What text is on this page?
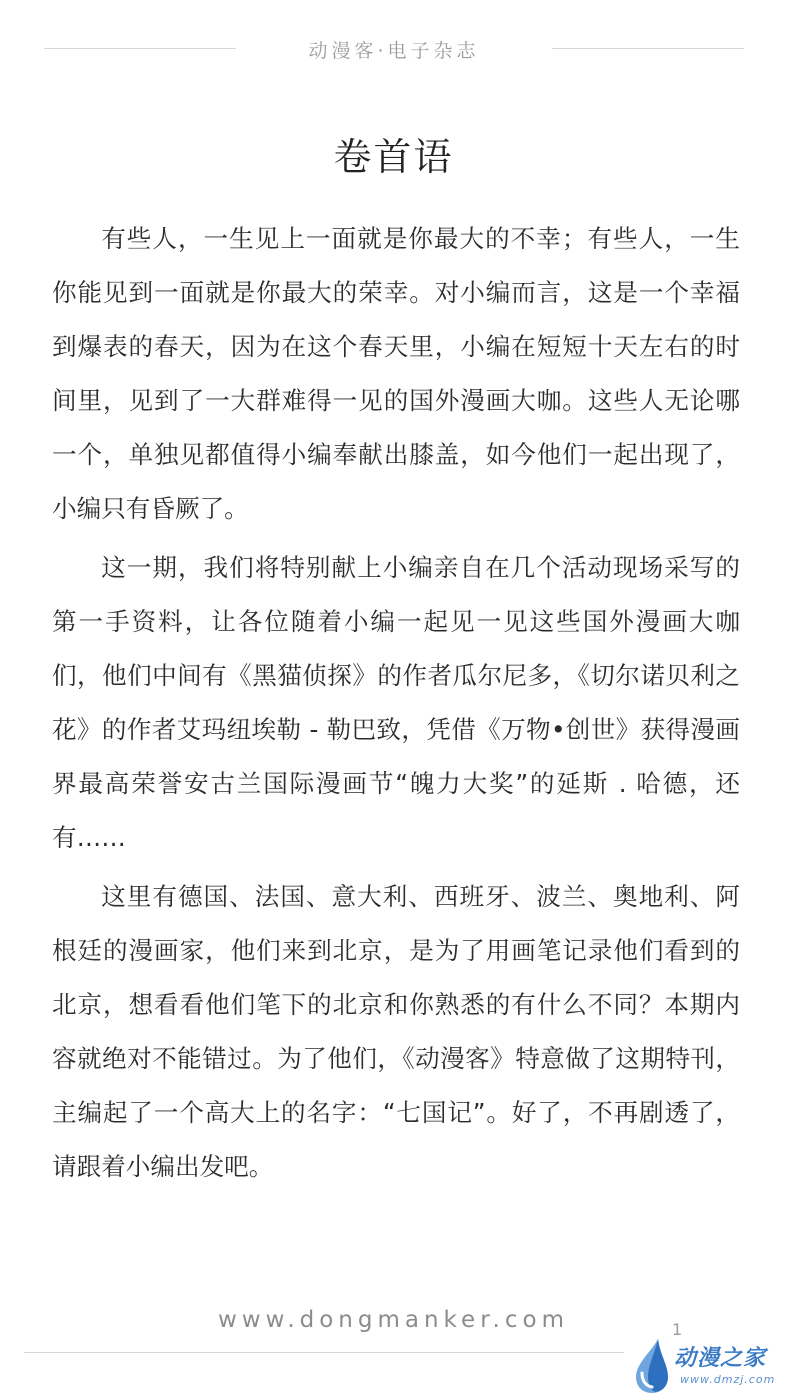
动漫客·电子杂志
卷首语

有些人，一生见上一面就是你最大的不幸；有些人，一生你能见到一面就是你最大的荣幸。对小编而言，这是一个幸福到爆表的春天，因为在这个春天里，小编在短短十天左右的时间里，见到了一大群难得一见的国外漫画大咖。这些人无论哪一个，单独见都值得小编奉献出膝盖，如今他们一起出现了，小编只有昏厥了。

这一期，我们将特别献上小编亲自在几个活动现场采写的第一手资料，让各位随着小编一起见一见这些国外漫画大咖们，他们中间有《黑猫侦探》的作者瓜尔尼多，《切尔诺贝利之花》的作者艾玛纽埃勒 - 勒巴致，凭借《万物•创世》获得漫画界最高荣誉安古兰国际漫画节“魄力大奖”的延斯 . 哈德，还有……

这里有德国、法国、意大利、西班牙、波兰、奥地利、阿根廷的漫画家，他们来到北京，是为了用画笔记录他们看到的北京，想看看他们笔下的北京和你熟悉的有什么不同？本期内容就绝对不能错过。为了他们，《动漫客》特意做了这期特刊，主编起了一个高大上的名字：“七国记”。好了，不再剧透了，请跟着小编出发吧。

www.dongmanker.com	1
动漫之家
www.dmzj.com
